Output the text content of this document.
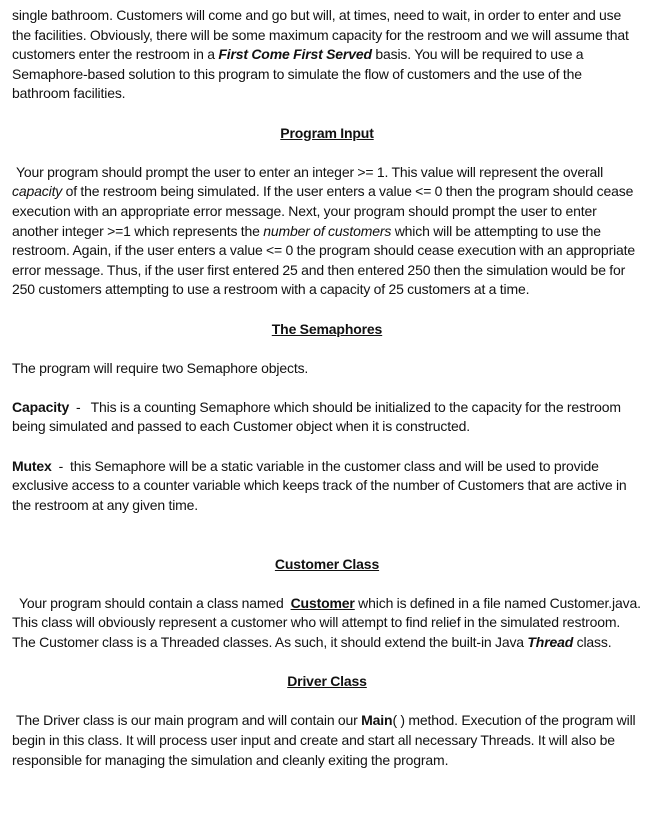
single bathroom. Customers will come and go but will, at times, need to wait, in order to enter and use the facilities. Obviously, there will be some maximum capacity for the restroom and we will assume that customers enter the restroom in a First Come First Served basis. You will be required to use a Semaphore-based solution to this program to simulate the flow of customers and the use of the bathroom facilities.

Program Input

Your program should prompt the user to enter an integer >= 1. This value will represent the overall capacity of the restroom being simulated. If the user enters a value <= 0 then the program should cease execution with an appropriate error message. Next, your program should prompt the user to enter another integer >=1 which represents the number of customers which will be attempting to use the restroom. Again, if the user enters a value <= 0 the program should cease execution with an appropriate error message. Thus, if the user first entered 25 and then entered 250 then the simulation would be for 250 customers attempting to use a restroom with a capacity of 25 customers at a time.

The Semaphores

The program will require two Semaphore objects.

Capacity  -   This is a counting Semaphore which should be initialized to the capacity for the restroom being simulated and passed to each Customer object when it is constructed.

Mutex  -  this Semaphore will be a static variable in the customer class and will be used to provide exclusive access to a counter variable which keeps track of the number of Customers that are active in the restroom at any given time.

Customer Class

Your program should contain a class named  Customer which is defined in a file named Customer.java. This class will obviously represent a customer who will attempt to find relief in the simulated restroom. The Customer class is a Threaded classes. As such, it should extend the built-in Java Thread class.

Driver Class

The Driver class is our main program and will contain our Main( ) method. Execution of the program will begin in this class. It will process user input and create and start all necessary Threads. It will also be responsible for managing the simulation and cleanly exiting the program.
